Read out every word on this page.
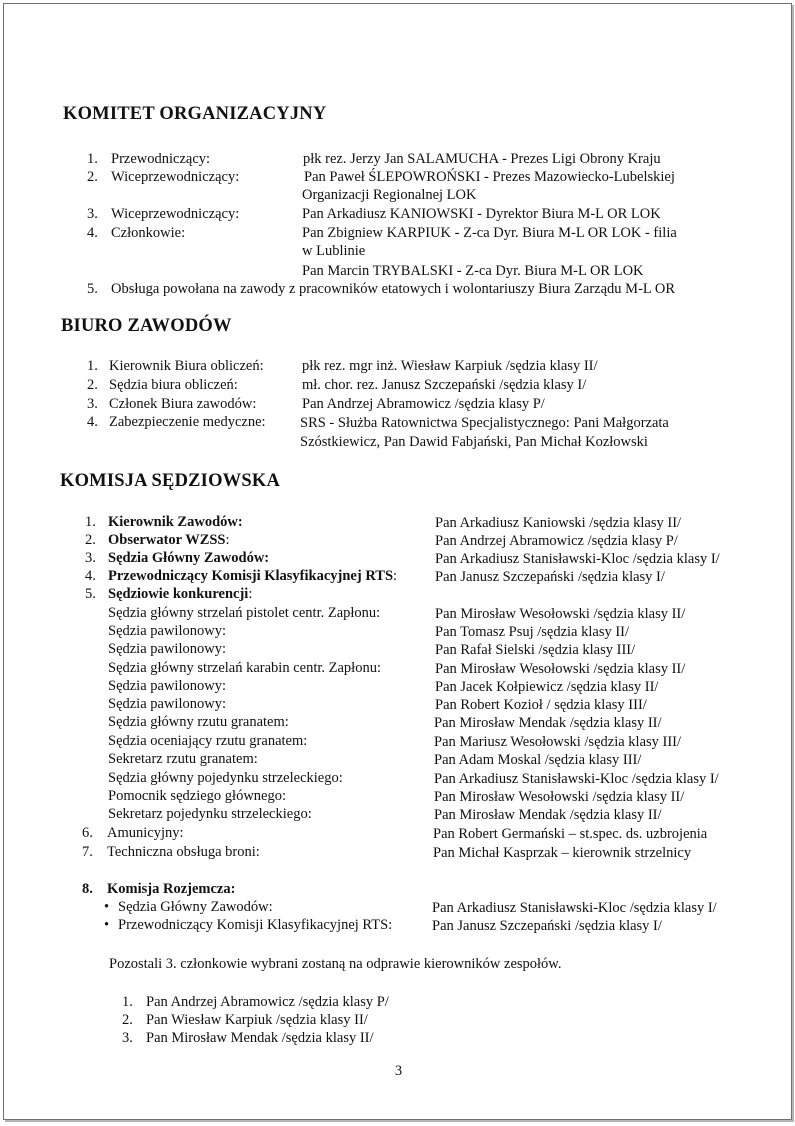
KOMITET ORGANIZACYJNY
1. Przewodniczący:	płk rez. Jerzy Jan SALAMUCHA - Prezes Ligi Obrony Kraju
2. Wiceprzewodniczący:	Pan Paweł ŚLEPOWROŃSKI - Prezes Mazowiecko-Lubelskiej
Organizacji Regionalnej LOK
3. Wiceprzewodniczący:	Pan Arkadiusz KANIOWSKI - Dyrektor Biura M-L OR LOK
4. Członkowie:	Pan Zbigniew KARPIUK - Z-ca Dyr. Biura M-L OR LOK - filia
w Lublinie
Pan Marcin TRYBALSKI - Z-ca Dyr. Biura M-L OR LOK
5. Obsługa powołana na zawody z pracowników etatowych i wolontariuszy Biura Zarządu M-L OR
BIURO ZAWODÓW
1. Kierownik Biura obliczeń:	płk rez. mgr inż. Wiesław Karpiuk /sędzia klasy II/
2. Sędzia biura obliczeń:	mł. chor. rez. Janusz Szczepański /sędzia klasy I/
3. Członek Biura zawodów:	Pan Andrzej Abramowicz /sędzia klasy P/
4. Zabezpieczenie medyczne: SRS - Służba Ratownictwa Specjalistycznego: Pani Małgorzata
Szóstkiewicz, Pan Dawid Fabjański, Pan Michał Kozłowski
KOMISJA SĘDZIOWSKA
1. Kierownik Zawodów:	Pan Arkadiusz Kaniowski /sędzia klasy II/
2. Obserwator WZSS:	Pan Andrzej Abramowicz /sędzia klasy P/
3. Sędzia Główny Zawodów:	Pan Arkadiusz Stanisławski-Kloc /sędzia klasy I/
4. Przewodniczący Komisji Klasyfikacyjnej RTS:	Pan Janusz Szczepański /sędzia klasy I/
5. Sędziowie konkurencji:
Sędzia główny strzelań pistolet centr. Zapłonu:	Pan Mirosław Wesołowski /sędzia klasy II/
Sędzia pawilonowy:	Pan Tomasz Psuj /sędzia klasy II/
Sędzia pawilonowy:	Pan Rafał Sielski /sędzia klasy III/
Sędzia główny strzelań karabin centr. Zapłonu:	Pan Mirosław Wesołowski /sędzia klasy II/
Sędzia pawilonowy:	Pan Jacek Kołpiewicz /sędzia klasy II/
Sędzia pawilonowy:	Pan Robert Kozioł / sędzia klasy III/
Sędzia główny rzutu granatem:	Pan Mirosław Mendak /sędzia klasy II/
Sędzia oceniający rzutu granatem:	Pan Mariusz Wesołowski /sędzia klasy III/
Sekretarz rzutu granatem:	Pan Adam Moskal /sędzia klasy III/
Sędzia główny pojedynku strzeleckiego:	Pan Arkadiusz Stanisławski-Kloc /sędzia klasy I/
Pomocnik sędziego głównego:	Pan Mirosław Wesołowski /sędzia klasy II/
Sekretarz pojedynku strzeleckiego:	Pan Mirosław Mendak /sędzia klasy II/
6. Amunicyjny:	Pan Robert Germański – st.spec. ds. uzbrojenia
7. Techniczna obsługa broni:	Pan Michał Kasprzak – kierownik strzelnicy
8. Komisja Rozjemcza:
• Sędzia Główny Zawodów:	Pan Arkadiusz Stanisławski-Kloc /sędzia klasy I/
• Przewodniczący Komisji Klasyfikacyjnej RTS:	Pan Janusz Szczepański /sędzia klasy I/
Pozostali 3. członkowie wybrani zostaną na odprawie kierowników zespołów.
1. Pan Andrzej Abramowicz /sędzia klasy P/
2. Pan Wiesław Karpiuk /sędzia klasy II/
3. Pan Mirosław Mendak /sędzia klasy II/
3
